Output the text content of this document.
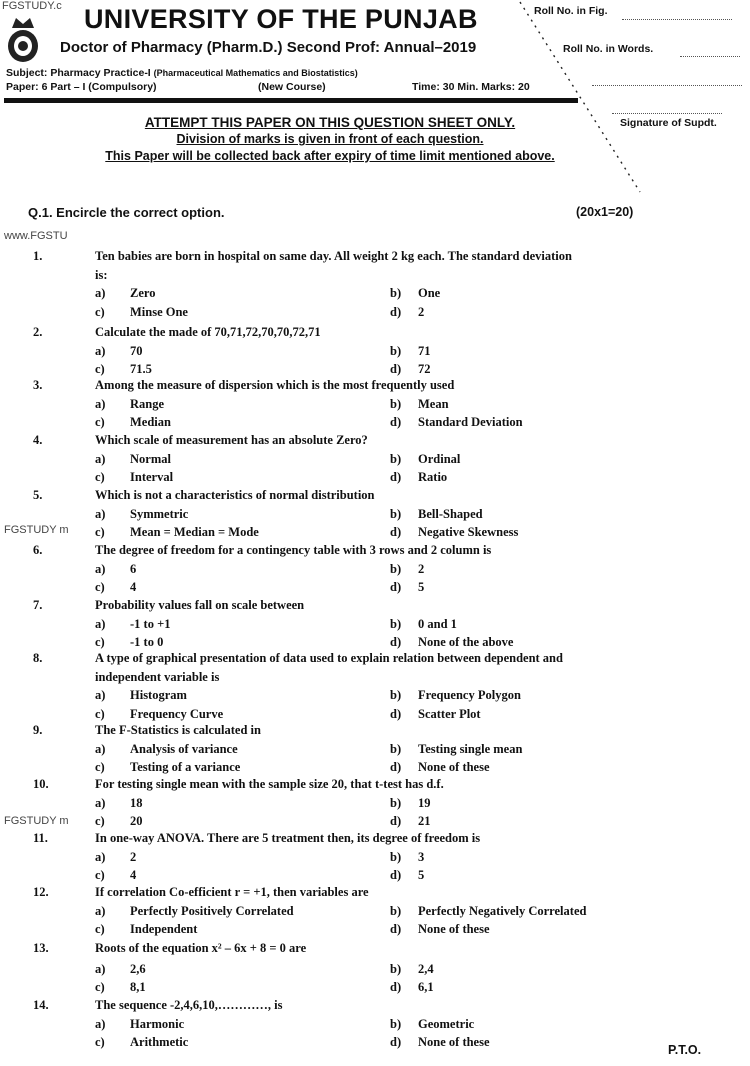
FGSTUDY.c UNIVERSITY OF THE PUNJAB
Doctor of Pharmacy (Pharm.D.) Second Prof: Annual–2019
Subject: Pharmacy Practice-I (Pharmaceutical Mathematics and Biostatistics)
Paper: 6 Part – I (Compulsory)	(New Course)	Time: 30 Min. Marks: 20
Roll No. in Fig.
Roll No. in Words.
Signature of Supdt.
ATTEMPT THIS PAPER ON THIS QUESTION SHEET ONLY.
Division of marks is given in front of each question.
This Paper will be collected back after expiry of time limit mentioned above.
Q.1. Encircle the correct option.	(20x1=20)
1.	Ten babies are born in hospital on same day. All weight 2 kg each. The standard deviation
is:
a) Zero	b) One
c) Minse One	d) 2
2.	Calculate the made of 70,71,72,70,70,72,71
a) 70	b) 71
c) 71.5	d) 72
3.	Among the measure of dispersion which is the most frequently used
a) Range	b) Mean
c) Median	d) Standard Deviation
4.	Which scale of measurement has an absolute Zero?
a) Normal	b) Ordinal
c) Interval	d) Ratio
5.	Which is not a characteristics of normal distribution
a) Symmetric	b) Bell-Shaped
c) Mean = Median = Mode	d) Negative Skewness
6.	The degree of freedom for a contingency table with 3 rows and 2 column is
a) 6	b) 2
c) 4	d) 5
7.	Probability values fall on scale between
a) -1 to +1	b) 0 and 1
c) -1 to 0	d) None of the above
8.	A type of graphical presentation of data used to explain relation between dependent and
independent variable is
a) Histogram	b) Frequency Polygon
c) Frequency Curve	d) Scatter Plot
9.	The F-Statistics is calculated in
a) Analysis of variance	b) Testing single mean
c) Testing of a variance	d) None of these
10.	For testing single mean with the sample size 20, that t-test has d.f.
a) 18	b) 19
c) 20	d) 21
11.	In one-way ANOVA. There are 5 treatment then, its degree of freedom is
a) 2	b) 3
c) 4	d) 5
12.	If correlation Co-efficient r = +1, then variables are
a) Perfectly Positively Correlated	b) Perfectly Negatively Correlated
c) Independent	d) None of these
13.	Roots of the equation x² – 6x + 8 = 0 are
a) 2,6	b) 2,4
c) 8,1	d) 6,1
14.	The sequence -2,4,6,10,…………, is
a) Harmonic	b) Geometric
c) Arithmetic	d) None of these
www.FGSTU
FGSTUDY m
FGSTUDY m
P.T.O.
